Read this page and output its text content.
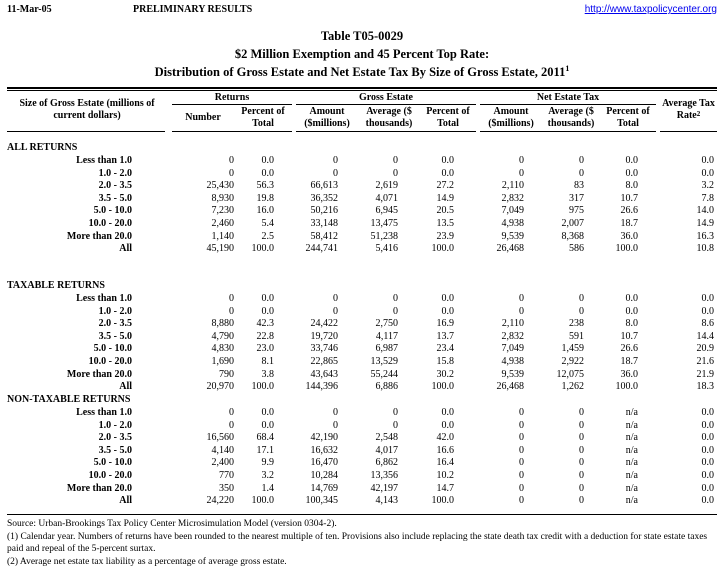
11-Mar-05	PRELIMINARY RESULTS	http://www.taxpolicycenter.org
Table T05-0029
$2 Million Exemption and 45 Percent Top Rate:
Distribution of Gross Estate and Net Estate Tax By Size of Gross Estate, 2011$^1$
Size of Gross Estate (millions of
current dollars)
Returns
Number
Percent of
Total
Gross Estate
Amount
($millions)
Average ($
thousands)
Percent of
Total
Net Estate Tax
Amount
($millions)
Average ($
thousands)
Percent of
Total
Average Tax
Rate$^2$
ALL RETURNS
Less than 1.0	0	0.0	0	0	0.0	0	0	0.0	0.0
1.0 - 2.0	0	0.0	0	0	0.0	0	0	0.0	0.0
2.0 - 3.5	25,430 56.3	66,613	2,619	27.2	2,110	83	8.0	3.2
3.5 - 5.0	8,930 19.8	36,352	4,071	14.9	2,832	317	10.7	7.8
5.0 - 10.0	7,230 16.0	50,216	6,945	20.5	7,049	975	26.6	14.0
10.0 - 20.0	2,460	5.4	33,148	13,475	13.5	4,938	2,007	18.7	14.9
More than 20.0	1,140	2.5	58,412	51,238	23.9	9,539	8,368	36.0	16.3
All	45,190 100.0	244,741	5,416	100.0	26,468	586	100.0	10.8
TAXABLE RETURNS
Less than 1.0	0	0.0	0	0	0.0	0	0	0.0	0.0
1.0 - 2.0	0	0.0	0	0	0.0	0	0	0.0	0.0
2.0 - 3.5	8,880 42.3	24,422	2,750	16.9	2,110	238	8.0	8.6
3.5 - 5.0	4,790 22.8	19,720	4,117	13.7	2,832	591	10.7	14.4
5.0 - 10.0	4,830 23.0	33,746	6,987	23.4	7,049	1,459	26.6	20.9
10.0 - 20.0	1,690	8.1	22,865	13,529	15.8	4,938	2,922	18.7	21.6
More than 20.0	790	3.8	43,643	55,244	30.2	9,539	12,075	36.0	21.9
All	20,970 100.0	144,396	6,886	100.0	26,468	1,262	100.0	18.3
NON-TAXABLE RETURNS
Less than 1.0	0	0.0	0	0	0.0	0	0	n/a	0.0
1.0 - 2.0	0	0.0	0	0	0.0	0	0	n/a	0.0
2.0 - 3.5	16,560 68.4	42,190	2,548	42.0	0	0	n/a	0.0
3.5 - 5.0	4,140 17.1	16,632	4,017	16.6	0	0	n/a	0.0
5.0 - 10.0	2,400	9.9	16,470	6,862	16.4	0	0	n/a	0.0
10.0 - 20.0	770	3.2	10,284	13,356	10.2	0	0	n/a	0.0
More than 20.0	350	1.4	14,769	42,197	14.7	0	0	n/a	0.0
All	24,220 100.0	100,345	4,143	100.0	0	0	n/a	0.0
Source: Urban-Brookings Tax Policy Center Microsimulation Model (version 0304-2).
(1) Calendar year. Numbers of returns have been rounded to the nearest multiple of ten. Provisions also include replacing the state death tax credit with a deduction for state estate taxes paid and repeal of the 5-percent surtax.
(2) Average net estate tax liability as a percentage of average gross estate.
